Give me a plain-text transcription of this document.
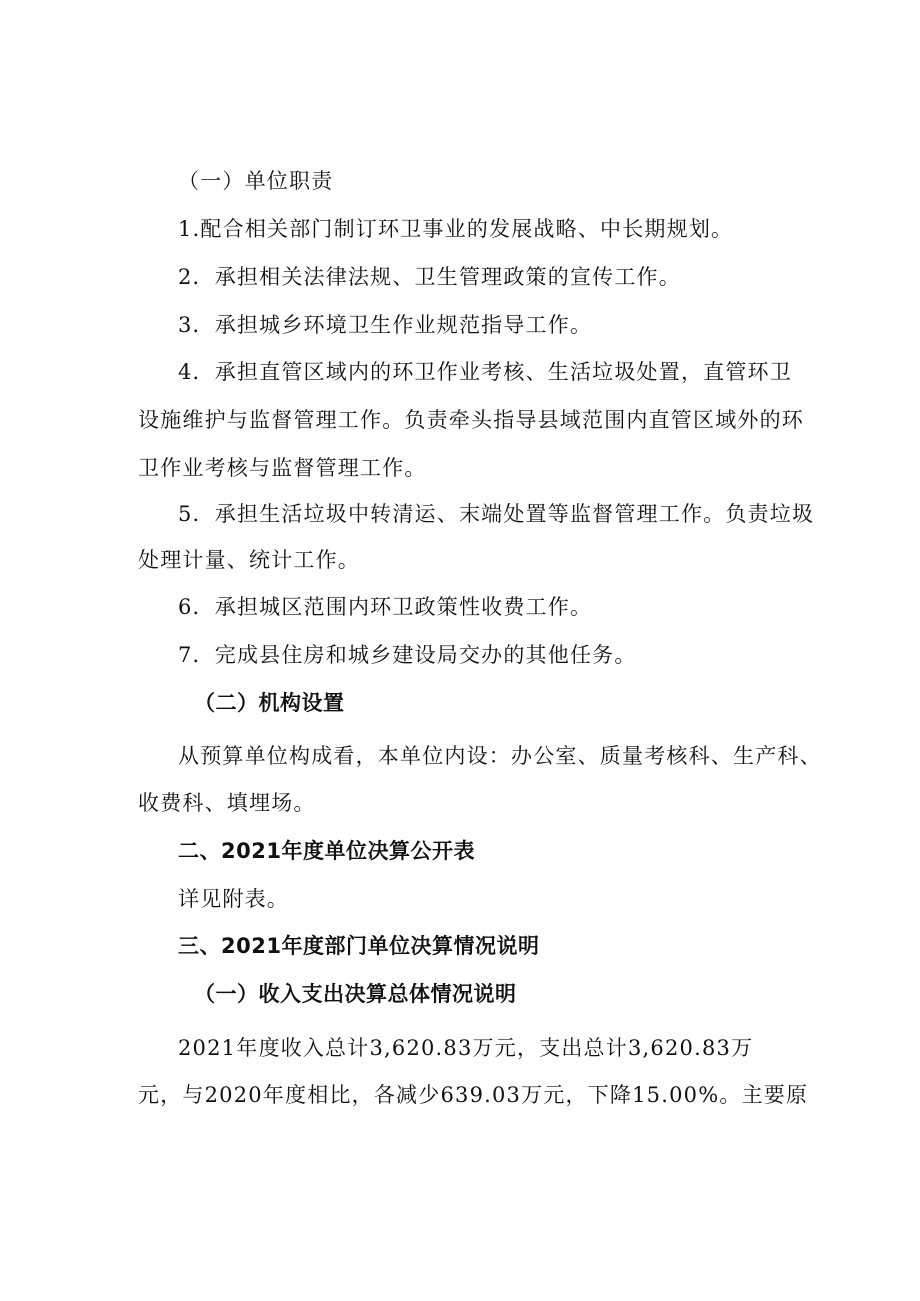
（一）单位职责
1.配合相关部门制订环卫事业的发展战略、中长期规划。
2．承担相关法律法规、卫生管理政策的宣传工作。
3．承担城乡环境卫生作业规范指导工作。
4．承担直管区域内的环卫作业考核、生活垃圾处置，直管环卫
设施维护与监督管理工作。负责牵头指导县域范围内直管区域外的环
卫作业考核与监督管理工作。
5．承担生活垃圾中转清运、末端处置等监督管理工作。负责垃圾
处理计量、统计工作。
6．承担城区范围内环卫政策性收费工作。
7．完成县住房和城乡建设局交办的其他任务。
（二）机构设置
从预算单位构成看，本单位内设：办公室、质量考核科、生产科、
收费科、填埋场。
二、2021年度单位决算公开表
详见附表。
三、2021年度部门单位决算情况说明
（一）收入支出决算总体情况说明
2021年度收入总计3,620.83万元，支出总计3,620.83万
元，与2020年度相比，各减少639.03万元，下降15.00%。主要原
